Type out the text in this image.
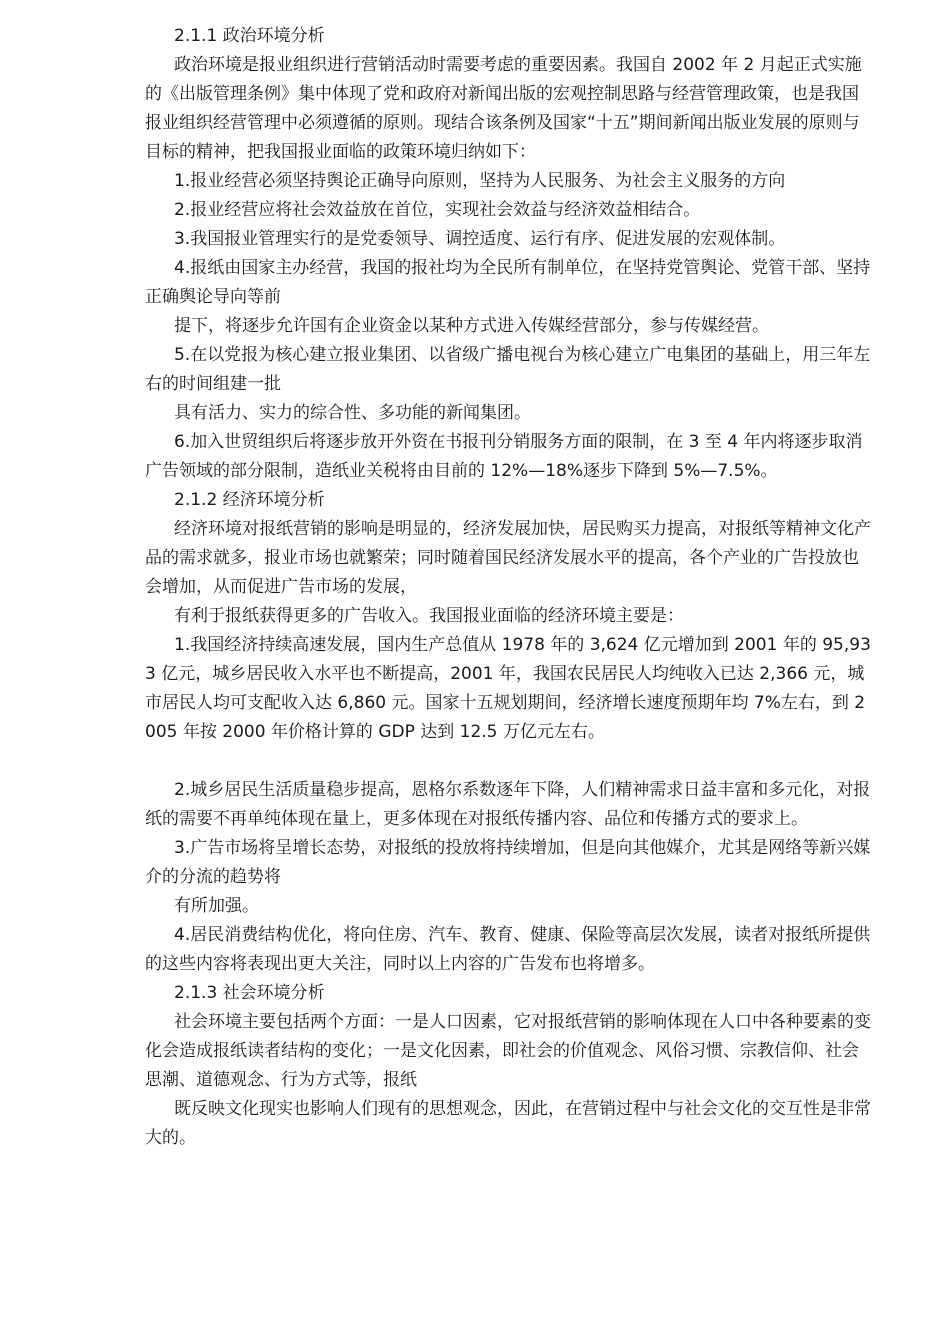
2.1.1 政治环境分析

政治环境是报业组织进行营销活动时需要考虑的重要因素。我国自 2002 年 2 月起正式实施的《出版管理条例》集中体现了党和政府对新闻出版的宏观控制思路与经营管理政策，也是我国报业组织经营管理中必须遵循的原则。现结合该条例及国家“十五”期间新闻出版业发展的原则与目标的精神，把我国报业面临的政策环境归纳如下：

1.报业经营必须坚持舆论正确导向原则，坚持为人民服务、为社会主义服务的方向

2.报业经营应将社会效益放在首位，实现社会效益与经济效益相结合。

3.我国报业管理实行的是党委领导、调控适度、运行有序、促进发展的宏观体制。

4.报纸由国家主办经营，我国的报社均为全民所有制单位，在坚持党管舆论、党管干部、坚持正确舆论导向等前

提下，将逐步允许国有企业资金以某种方式进入传媒经营部分，参与传媒经营。

5.在以党报为核心建立报业集团、以省级广播电视台为核心建立广电集团的基础上，用三年左右的时间组建一批

具有活力、实力的综合性、多功能的新闻集团。

6.加入世贸组织后将逐步放开外资在书报刊分销服务方面的限制，在 3 至 4 年内将逐步取消广告领域的部分限制，造纸业关税将由目前的 12%—18%逐步下降到 5%—7.5%。

2.1.2 经济环境分析

经济环境对报纸营销的影响是明显的，经济发展加快，居民购买力提高，对报纸等精神文化产品的需求就多，报业市场也就繁荣；同时随着国民经济发展水平的提高，各个产业的广告投放也会增加，从而促进广告市场的发展，

有利于报纸获得更多的广告收入。我国报业面临的经济环境主要是：

1.我国经济持续高速发展，国内生产总值从 1978 年的 3,624 亿元增加到 2001 年的 95,933 亿元，城乡居民收入水平也不断提高，2001 年，我国农民居民人均纯收入已达 2,366 元，城市居民人均可支配收入达 6,860 元。国家十五规划期间，经济增长速度预期年均 7%左右，到 2005 年按 2000 年价格计算的 GDP 达到 12.5 万亿元左右。

2.城乡居民生活质量稳步提高，恩格尔系数逐年下降，人们精神需求日益丰富和多元化，对报纸的需要不再单纯体现在量上，更多体现在对报纸传播内容、品位和传播方式的要求上。

3.广告市场将呈增长态势，对报纸的投放将持续增加，但是向其他媒介，尤其是网络等新兴媒介的分流的趋势将

有所加强。

4.居民消费结构优化，将向住房、汽车、教育、健康、保险等高层次发展，读者对报纸所提供的这些内容将表现出更大关注，同时以上内容的广告发布也将增多。

2.1.3 社会环境分析

社会环境主要包括两个方面：一是人口因素，它对报纸营销的影响体现在人口中各种要素的变化会造成报纸读者结构的变化；一是文化因素，即社会的价值观念、风俗习惯、宗教信仰、社会思潮、道德观念、行为方式等，报纸

既反映文化现实也影响人们现有的思想观念，因此，在营销过程中与社会文化的交互性是非常大的。
